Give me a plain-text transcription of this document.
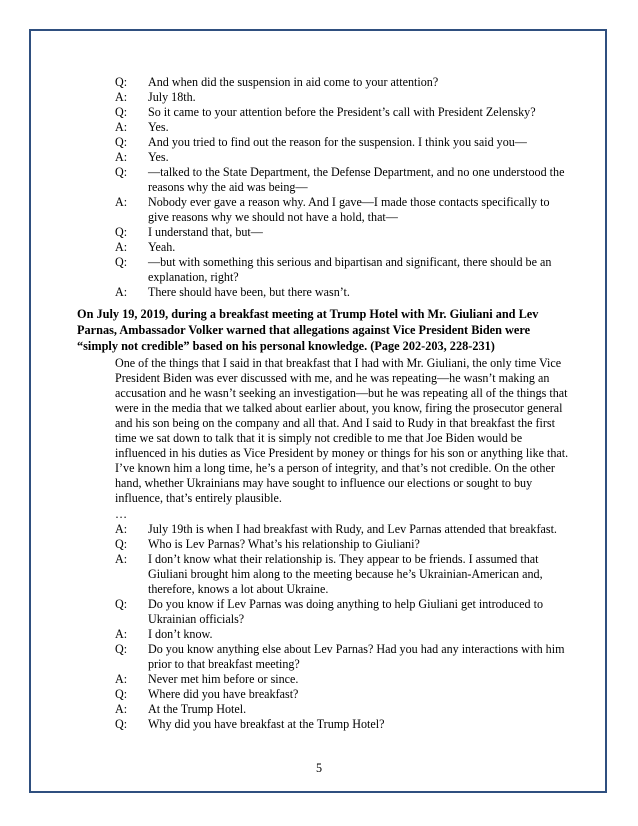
Q: And when did the suspension in aid come to your attention?
A: July 18th.
Q: So it came to your attention before the President’s call with President Zelensky?
A: Yes.
Q: And you tried to find out the reason for the suspension. I think you said you—
A: Yes.
Q: —talked to the State Department, the Defense Department, and no one understood the reasons why the aid was being—
A: Nobody ever gave a reason why. And I gave—I made those contacts specifically to give reasons why we should not have a hold, that—
Q: I understand that, but—
A: Yeah.
Q: —but with something this serious and bipartisan and significant, there should be an explanation, right?
A: There should have been, but there wasn’t.
On July 19, 2019, during a breakfast meeting at Trump Hotel with Mr. Giuliani and Lev Parnas, Ambassador Volker warned that allegations against Vice President Biden were “simply not credible” based on his personal knowledge. (Page 202-203, 228-231)
One of the things that I said in that breakfast that I had with Mr. Giuliani, the only time Vice President Biden was ever discussed with me, and he was repeating—he wasn’t making an accusation and he wasn’t seeking an investigation—but he was repeating all of the things that were in the media that we talked about earlier about, you know, firing the prosecutor general and his son being on the company and all that. And I said to Rudy in that breakfast the first time we sat down to talk that it is simply not credible to me that Joe Biden would be influenced in his duties as Vice President by money or things for his son or anything like that. I’ve known him a long time, he’s a person of integrity, and that’s not credible. On the other hand, whether Ukrainians may have sought to influence our elections or sought to buy influence, that’s entirely plausible.
…
A: July 19th is when I had breakfast with Rudy, and Lev Parnas attended that breakfast.
Q: Who is Lev Parnas? What’s his relationship to Giuliani?
A: I don’t know what their relationship is. They appear to be friends. I assumed that Giuliani brought him along to the meeting because he’s Ukrainian-American and, therefore, knows a lot about Ukraine.
Q: Do you know if Lev Parnas was doing anything to help Giuliani get introduced to Ukrainian officials?
A: I don’t know.
Q: Do you know anything else about Lev Parnas? Had you had any interactions with him prior to that breakfast meeting?
A: Never met him before or since.
Q: Where did you have breakfast?
A: At the Trump Hotel.
Q: Why did you have breakfast at the Trump Hotel?
5
